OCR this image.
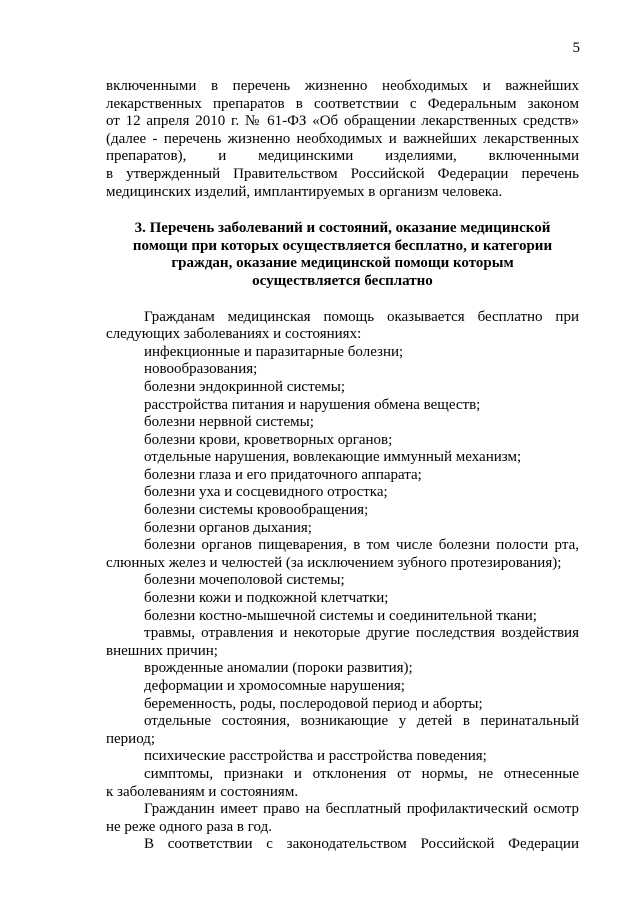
5
включенными в перечень жизненно необходимых и важнейших
лекарственных препаратов в соответствии с Федеральным законом
от 12 апреля 2010 г. № 61-ФЗ «Об обращении лекарственных средств»
(далее - перечень жизненно необходимых и важнейших лекарственных
препаратов), и медицинскими изделиями, включенными
в утвержденный Правительством Российской Федерации перечень
медицинских изделий, имплантируемых в организм человека.
3. Перечень заболеваний и состояний, оказание медицинской
помощи при которых осуществляется бесплатно, и категории
граждан, оказание медицинской помощи которым
осуществляется бесплатно
Гражданам медицинская помощь оказывается бесплатно при
следующих заболеваниях и состояниях:
инфекционные и паразитарные болезни;
новообразования;
болезни эндокринной системы;
расстройства питания и нарушения обмена веществ;
болезни нервной системы;
болезни крови, кроветворных органов;
отдельные нарушения, вовлекающие иммунный механизм;
болезни глаза и его придаточного аппарата;
болезни уха и сосцевидного отростка;
болезни системы кровообращения;
болезни органов дыхания;
болезни органов пищеварения, в том числе болезни полости рта,
слюнных желез и челюстей (за исключением зубного протезирования);
болезни мочеполовой системы;
болезни кожи и подкожной клетчатки;
болезни костно-мышечной системы и соединительной ткани;
травмы, отравления и некоторые другие последствия воздействия
внешних причин;
врожденные аномалии (пороки развития);
деформации и хромосомные нарушения;
беременность, роды, послеродовой период и аборты;
отдельные состояния, возникающие у детей в перинатальный
период;
психические расстройства и расстройства поведения;
симптомы, признаки и отклонения от нормы, не отнесенные
к заболеваниям и состояниям.
Гражданин имеет право на бесплатный профилактический осмотр
не реже одного раза в год.
В соответствии с законодательством Российской Федерации
